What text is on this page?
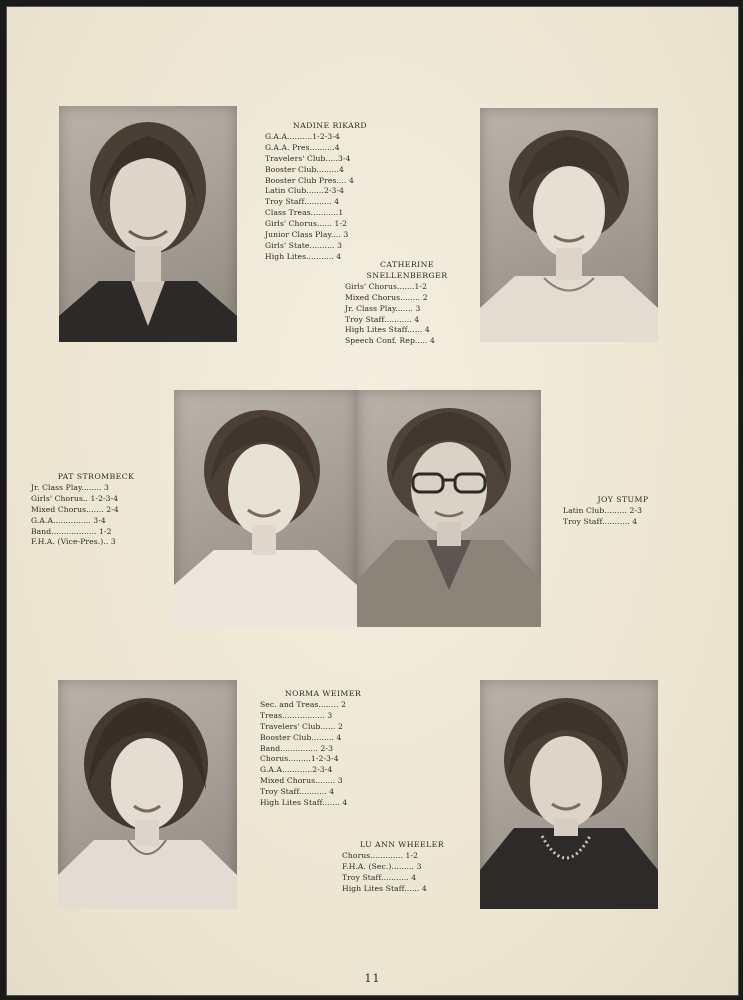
NADINE RIKARD
G.A.A..........1-2-3-4
G.A.A. Pres..........4
Travelers' Club.....3-4
Booster Club.........4
Booster Club Pres.... 4
Latin Club.......2-3-4
Troy Staff........... 4
Class Treas...........1
Girls' Chorus...... 1-2
Junior Class Play.... 3
Girls' State.......... 3
High Lites........... 4
CATHERINE
SNELLENBERGER
Girls' Chorus.......1-2
Mixed Chorus........ 2
Jr. Class Play....... 3
Troy Staff........... 4
High Lites Staff...... 4
Speech Conf. Rep..... 4
PAT STROMBECK
Jr. Class Play........ 3
Girls' Chorus.. 1-2-3-4
Mixed Chorus....... 2-4
G.A.A............... 3-4
Band.................. 1-2
F.H.A. (Vice-Pres.).. 3
JOY STUMP
Latin Club......... 2-3
Troy Staff........... 4
NORMA WEIMER
Sec. and Treas........ 2
Treas................. 3
Travelers' Club...... 2
Booster Club......... 4
Band............... 2-3
Chorus.........1-2-3-4
G.A.A............2-3-4
Mixed Chorus........ 3
Troy Staff........... 4
High Lites Staff....... 4
LU ANN WHEELER
Chorus............. 1-2
F.H.A. (Sec.)......... 3
Troy Staff........... 4
High Lites Staff...... 4
11
